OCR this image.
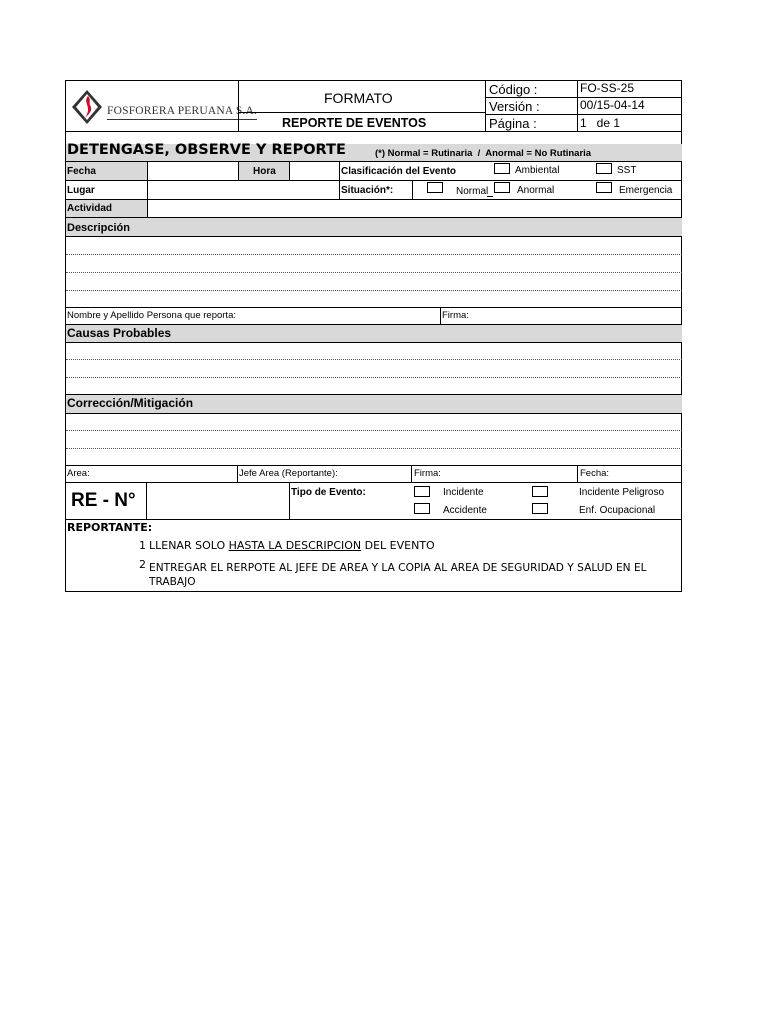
FOSFORERA PERUANA S.A.
FORMATO
REPORTE DE EVENTOS
Código :	FO-SS-25
Versión :	00/15-04-14
Página :	1   de 1
DETENGASE, OBSERVE Y REPORTE	(*) Normal = Rutinaria  /  Anormal = No Rutinaria
Fecha	Hora	Clasificación del Evento	Ambiental	SST
Lugar	Situación*:	Normal	Anormal	Emergencia
Actividad
Descripción
Nombre y Apellido Persona que reporta:	Firma:
Causas Probables
Corrección/Mitigación
Area:	Jefe Area (Reportante):	Firma:	Fecha:
RE - N°	Tipo de Evento:	Incidente	Incidente Peligroso
Accidente	Enf. Ocupacional
REPORTANTE:
1 LLENAR SOLO HASTA LA DESCRIPCION DEL EVENTO
2 ENTREGAR EL RERPOTE AL JEFE DE AREA Y LA COPIA AL AREA DE SEGURIDAD Y SALUD EN EL
TRABAJO
